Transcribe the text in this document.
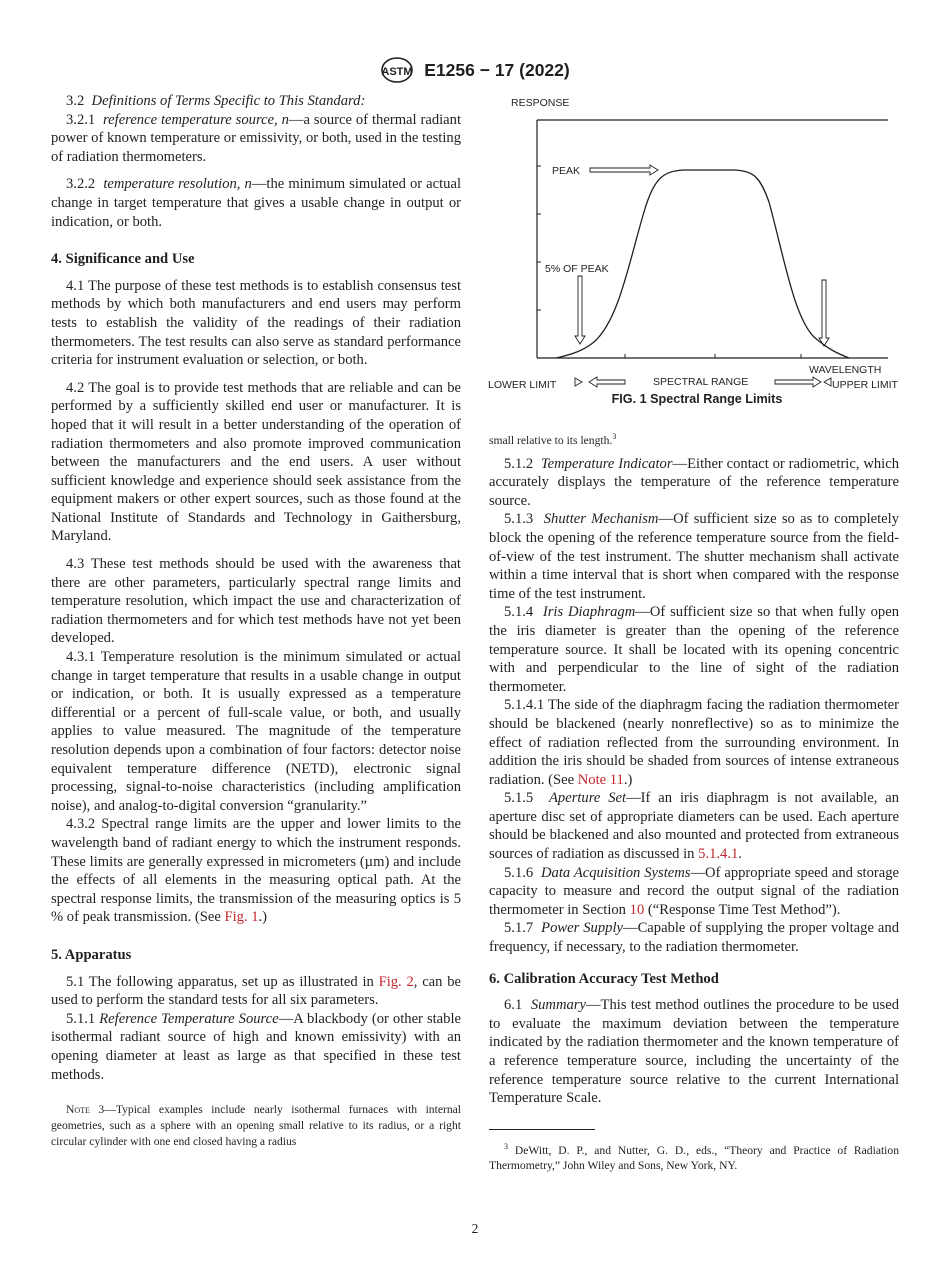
ASTM E1256 − 17 (2022)

3.2 Definitions of Terms Specific to This Standard:

3.2.1 reference temperature source, n—a source of thermal radiant power of known temperature or emissivity, or both, used in the testing of radiation thermometers.

3.2.2 temperature resolution, n—the minimum simulated or actual change in target temperature that gives a usable change in output or indication, or both.

4. Significance and Use

4.1 The purpose of these test methods is to establish consensus test methods by which both manufacturers and end users may perform tests to establish the validity of the readings of their radiation thermometers. The test results can also serve as standard performance criteria for instrument evaluation or selection, or both.

4.2 The goal is to provide test methods that are reliable and can be performed by a sufficiently skilled end user or manufacturer. It is hoped that it will result in a better understanding of the operation of radiation thermometers and also promote improved communication between the manufacturers and the end users. A user without sufficient knowledge and experience should seek assistance from the equipment makers or other expert sources, such as those found at the National Institute of Standards and Technology in Gaithersburg, Maryland.

4.3 These test methods should be used with the awareness that there are other parameters, particularly spectral range limits and temperature resolution, which impact the use and characterization of radiation thermometers and for which test methods have not yet been developed.

4.3.1 Temperature resolution is the minimum simulated or actual change in target temperature that results in a usable change in output or indication, or both. It is usually expressed as a temperature differential or a percent of full-scale value, or both, and usually applies to value measured. The magnitude of the temperature resolution depends upon a combination of four factors: detector noise equivalent temperature difference (NETD), electronic signal processing, signal-to-noise characteristics (including amplification noise), and analog-to-digital conversion “granularity.”

4.3.2 Spectral range limits are the upper and lower limits to the wavelength band of radiant energy to which the instrument responds. These limits are generally expressed in micrometers (µm) and include the effects of all elements in the measuring optical path. At the spectral response limits, the transmission of the measuring optics is 5 % of peak transmission. (See Fig. 1.)

5. Apparatus

5.1 The following apparatus, set up as illustrated in Fig. 2, can be used to perform the standard tests for all six parameters.

5.1.1 Reference Temperature Source—A blackbody (or other stable isothermal radiant source of high and known emissivity) with an opening diameter at least as large as that specified in these test methods.

Note 3—Typical examples include nearly isothermal furnaces with internal geometries, such as a sphere with an opening small relative to its radius, or a right circular cylinder with one end closed having a radius

RESPONSE
PEAK
5% OF PEAK
WAVELENGTH
LOWER LIMIT	SPECTRAL RANGE	UPPER LIMIT
FIG. 1 Spectral Range Limits

small relative to its length.$^3$

5.1.2 Temperature Indicator—Either contact or radiometric, which accurately displays the temperature of the reference temperature source.

5.1.3 Shutter Mechanism—Of sufficient size so as to completely block the opening of the reference temperature source from the field-of-view of the test instrument. The shutter mechanism shall activate within a time interval that is short when compared with the response time of the test instrument.

5.1.4 Iris Diaphragm—Of sufficient size so that when fully open the iris diameter is greater than the opening of the reference temperature source. It shall be located with its opening concentric with and perpendicular to the line of sight of the radiation thermometer.

5.1.4.1 The side of the diaphragm facing the radiation thermometer should be blackened (nearly nonreflective) so as to minimize the effect of radiation reflected from the surrounding environment. In addition the iris should be shaded from sources of intense extraneous radiation. (See Note 11.)

5.1.5 Aperture Set—If an iris diaphragm is not available, an aperture disc set of appropriate diameters can be used. Each aperture should be blackened and also mounted and protected from extraneous sources of radiation as discussed in 5.1.4.1.

5.1.6 Data Acquisition Systems—Of appropriate speed and storage capacity to measure and record the output signal of the radiation thermometer in Section 10 (“Response Time Test Method”).

5.1.7 Power Supply—Capable of supplying the proper voltage and frequency, if necessary, to the radiation thermometer.

6. Calibration Accuracy Test Method

6.1 Summary—This test method outlines the procedure to be used to evaluate the maximum deviation between the temperature indicated by the radiation thermometer and the known temperature of a reference temperature source, including the uncertainty of the reference temperature source relative to the current International Temperature Scale.

$^3$ DeWitt, D. P., and Nutter, G. D., eds., “Theory and Practice of Radiation Thermometry,” John Wiley and Sons, New York, NY.

2
